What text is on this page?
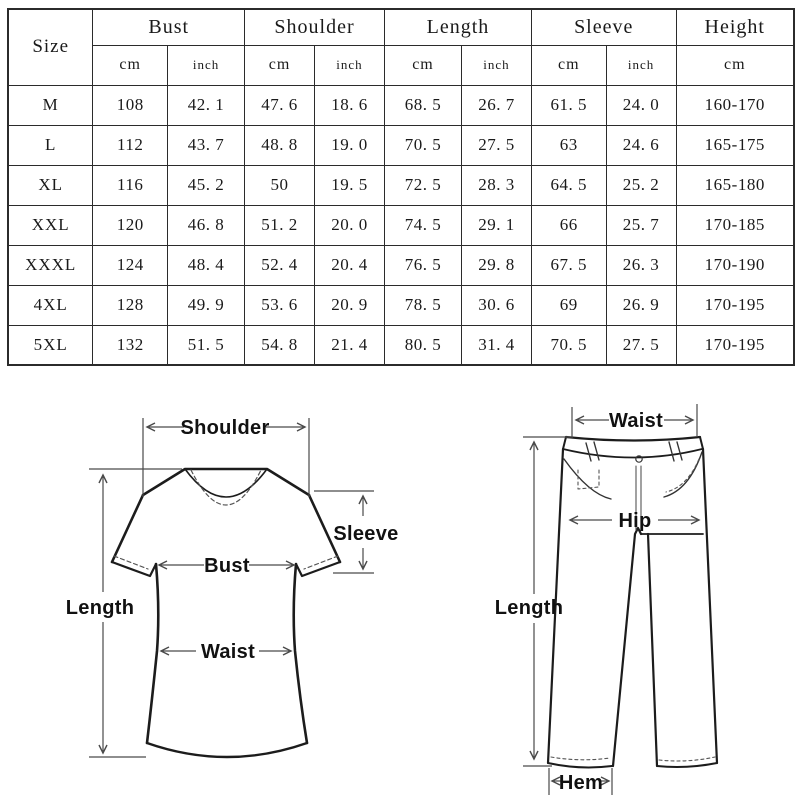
Size	Bust		Shoulder		Length		Sleeve		Height
	cm	inch	cm	inch	cm	inch	cm	inch	cm
M	108	42. 1	47. 6	18. 6	68. 5	26. 7	61. 5	24. 0	160-170
L	112	43. 7	48. 8	19. 0	70. 5	27. 5	63	24. 6	165-175
XL	116	45. 2	50	19. 5	72. 5	28. 3	64. 5	25. 2	165-180
XXL	120	46. 8	51. 2	20. 0	74. 5	29. 1	66	25. 7	170-185
XXXL	124	48. 4	52. 4	20. 4	76. 5	29. 8	67. 5	26. 3	170-190
4XL	128	49. 9	53. 6	20. 9	78. 5	30. 6	69	26. 9	170-195
5XL	132	51. 5	54. 8	21. 4	80. 5	31. 4	70. 5	27. 5	170-195
Shoulder
Length
Bust
Waist
Sleeve
Waist
Hip
Length
Hem
